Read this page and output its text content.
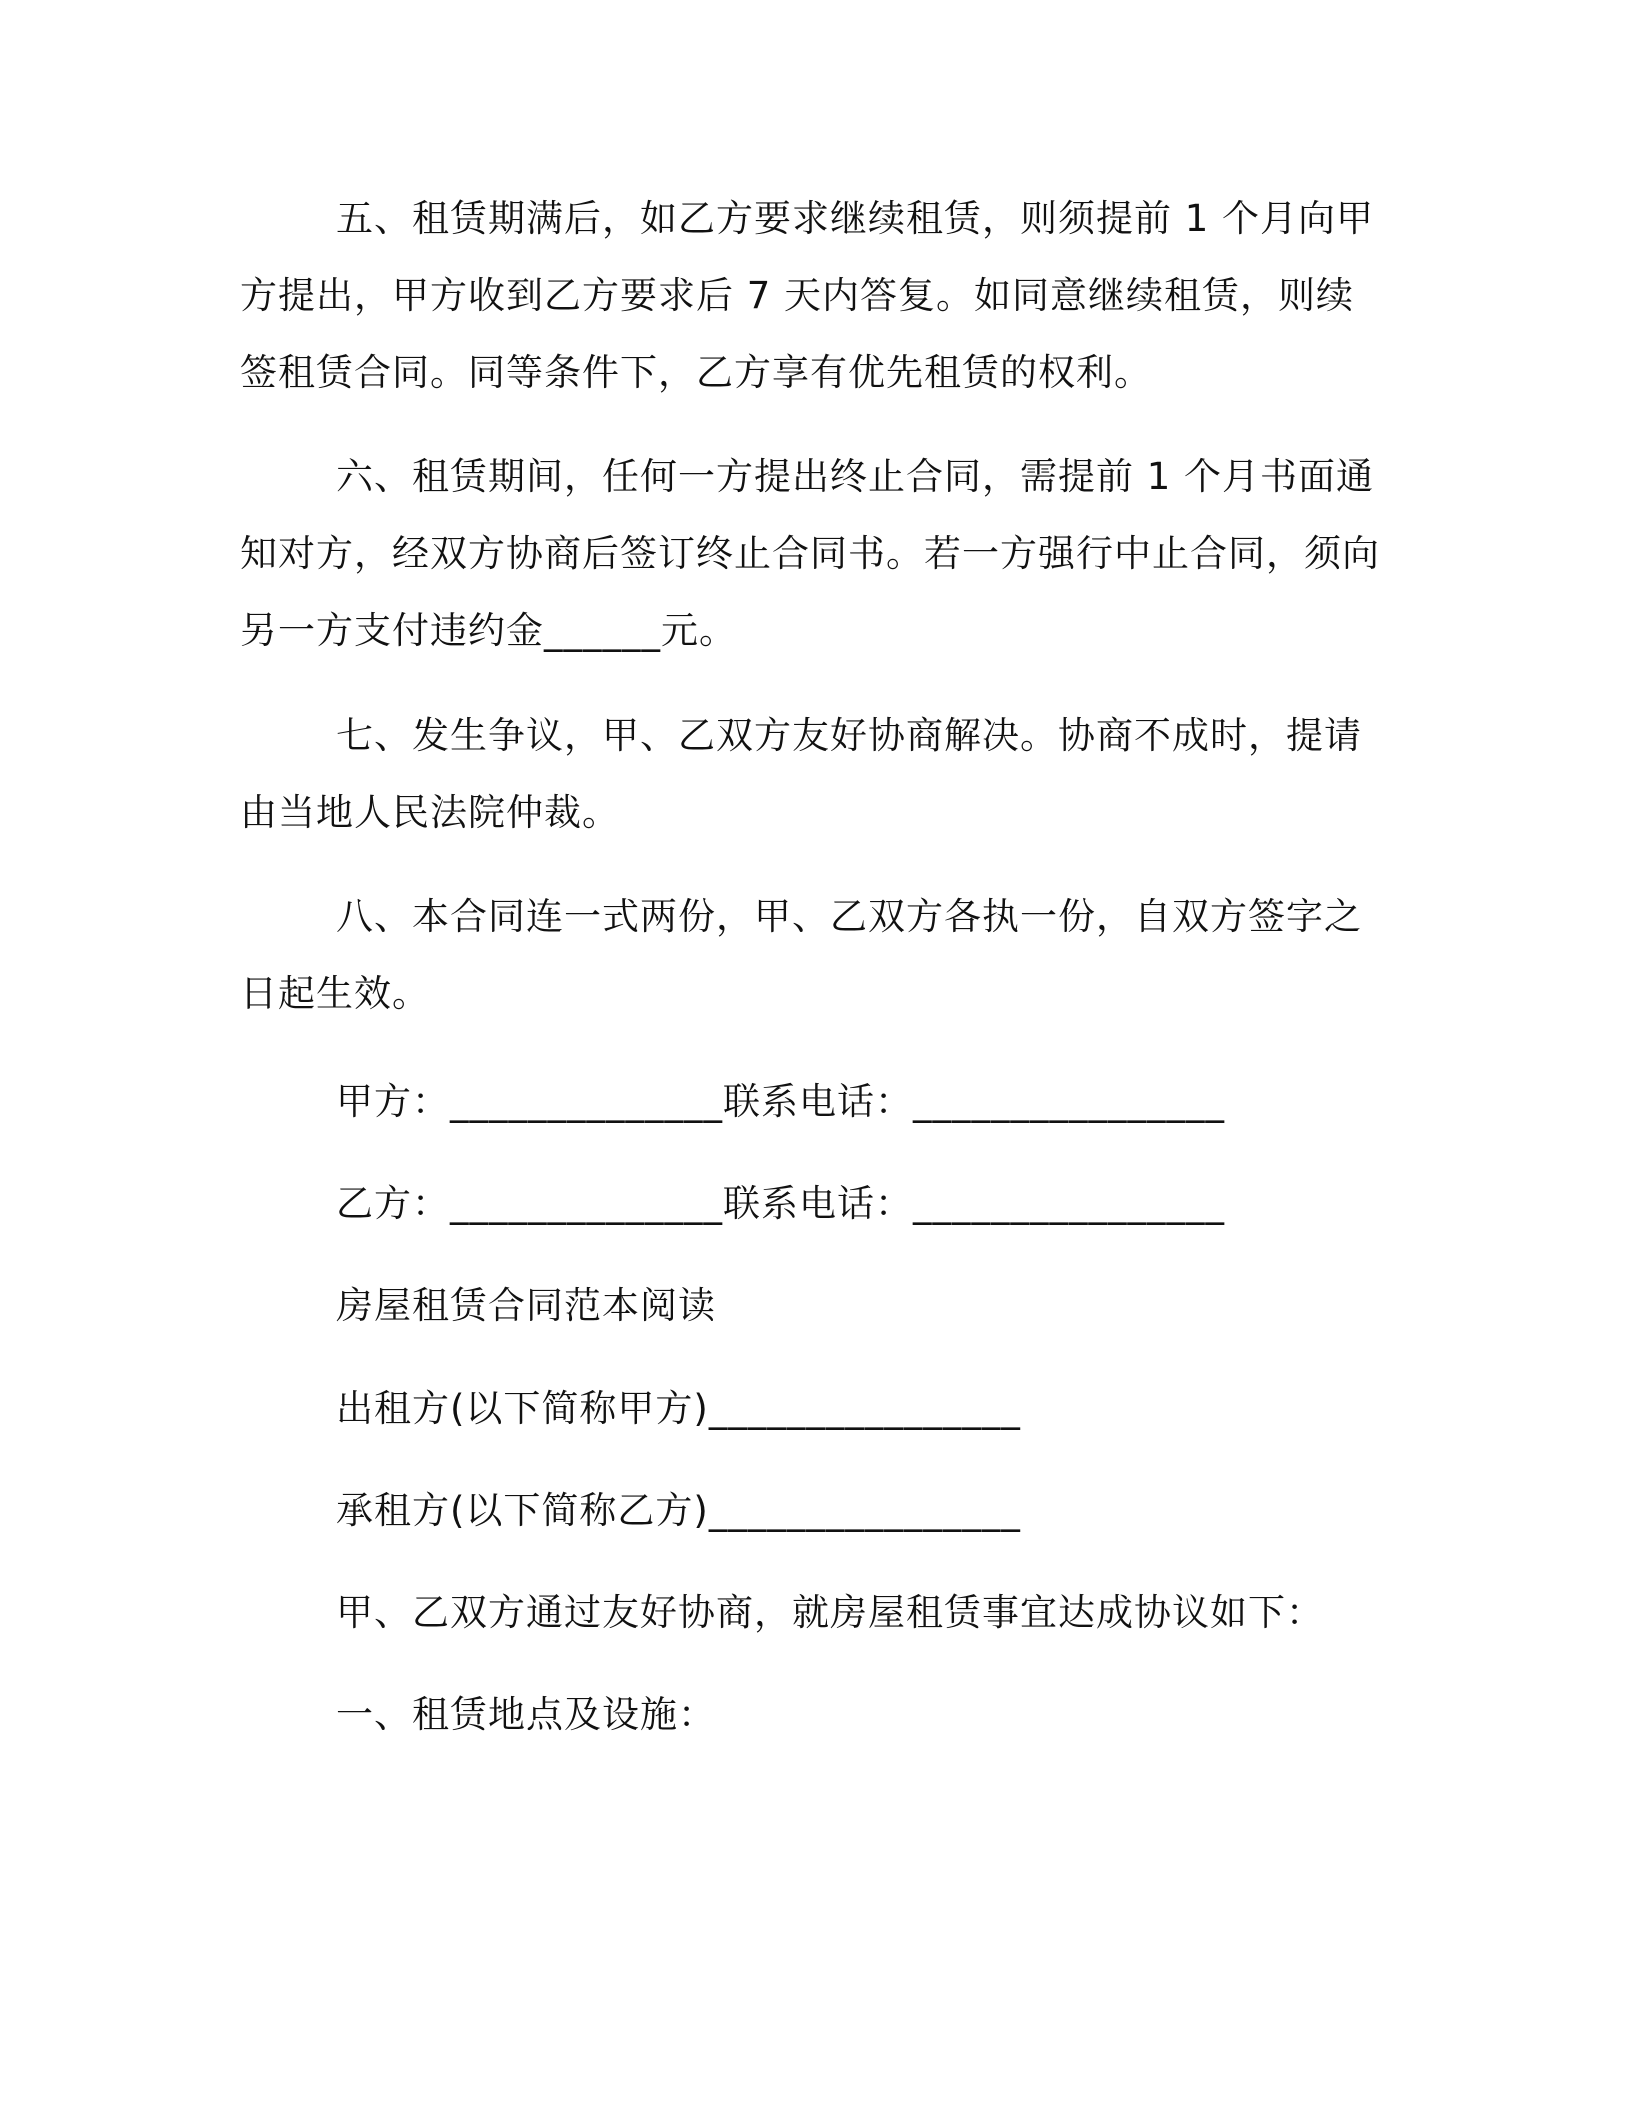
五、租赁期满后，如乙方要求继续租赁，则须提前 1 个月向甲方提出，甲方收到乙方要求后 7 天内答复。如同意继续租赁，则续签租赁合同。同等条件下，乙方享有优先租赁的权利。
六、租赁期间，任何一方提出终止合同，需提前 1 个月书面通知对方，经双方协商后签订终止合同书。若一方强行中止合同，须向另一方支付违约金______元。
七、发生争议，甲、乙双方友好协商解决。协商不成时，提请由当地人民法院仲裁。
八、本合同连一式两份，甲、乙双方各执一份，自双方签字之日起生效。
甲方：______________联系电话：________________
乙方：______________联系电话：________________
房屋租赁合同范本阅读
出租方(以下简称甲方)________________
承租方(以下简称乙方)________________
甲、乙双方通过友好协商，就房屋租赁事宜达成协议如下：
一、租赁地点及设施：
